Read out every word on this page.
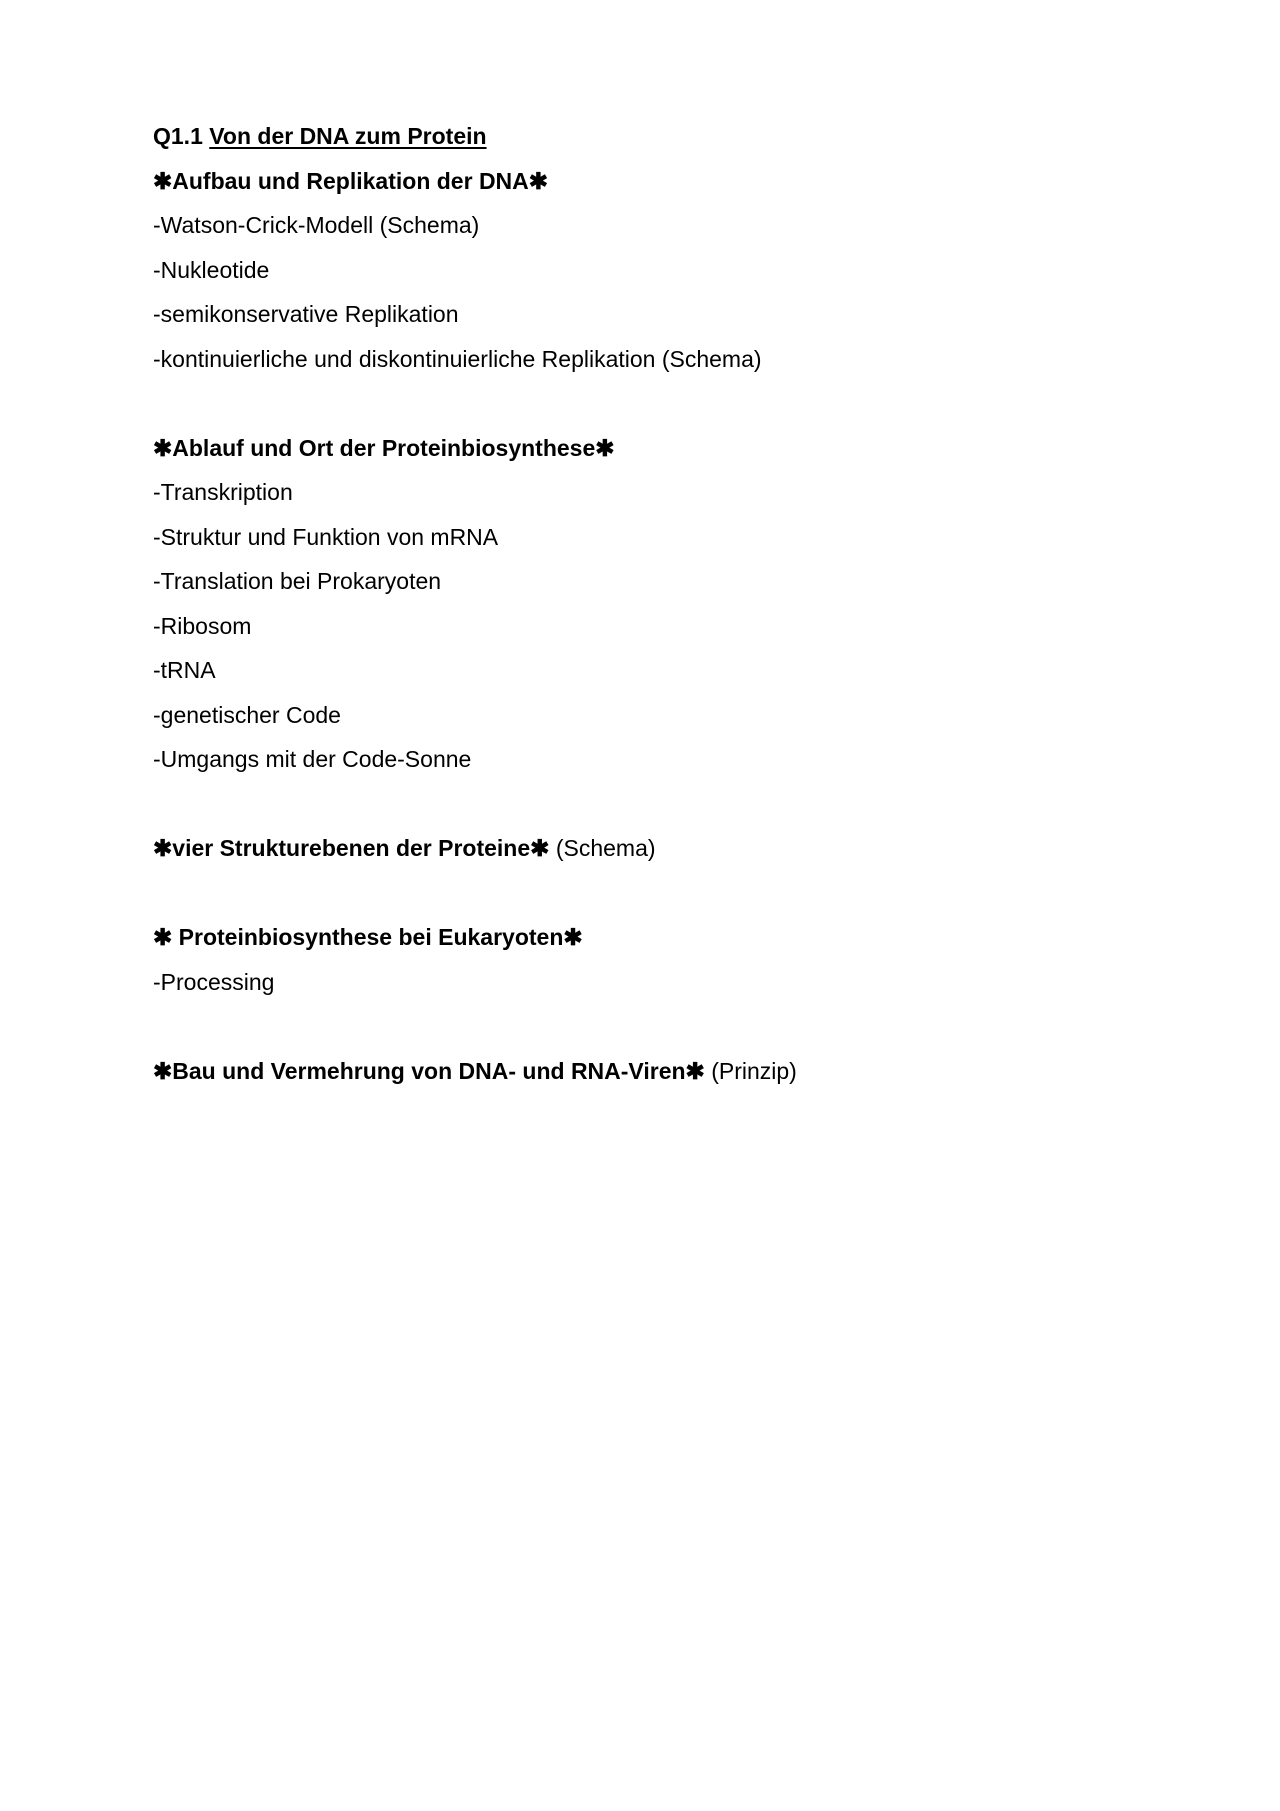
Q1.1 Von der DNA zum Protein
✱Aufbau und Replikation der DNA✱
-Watson-Crick-Modell (Schema)
-Nukleotide
-semikonservative Replikation
-kontinuierliche und diskontinuierliche Replikation (Schema)
✱Ablauf und Ort der Proteinbiosynthese✱
-Transkription
-Struktur und Funktion von mRNA
-Translation bei Prokaryoten
-Ribosom
-tRNA
-genetischer Code
-Umgangs mit der Code-Sonne
✱vier Strukturebenen der Proteine✱ (Schema)
✱ Proteinbiosynthese bei Eukaryoten✱
-Processing
✱Bau und Vermehrung von DNA- und RNA-Viren✱ (Prinzip)
